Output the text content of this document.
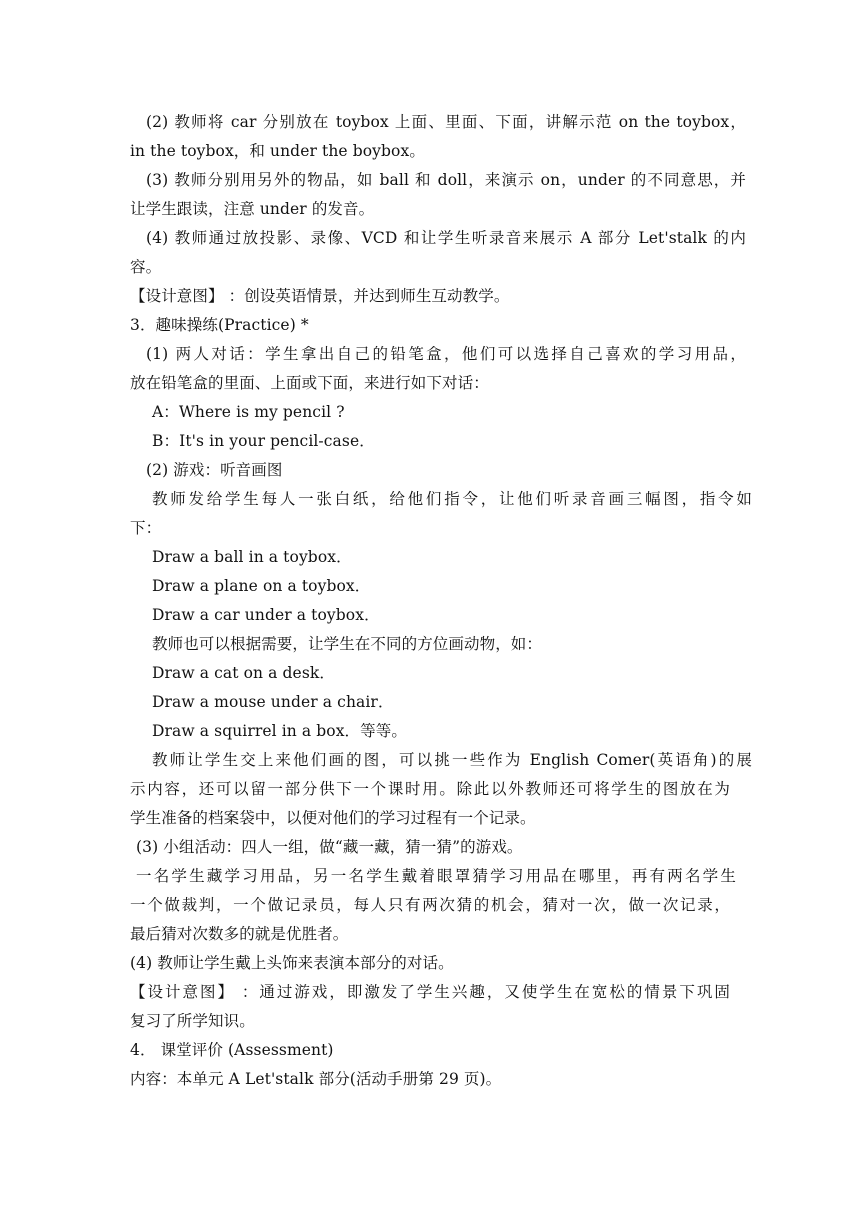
(2) 教师将 car 分别放在 toybox 上面、里面、下面，讲解示范 on the toybox，
in the toybox，和 under the boybox。
(3) 教师分别用另外的物品，如 ball 和 doll，来演示 on，under 的不同意思，并
让学生跟读，注意 under 的发音。
(4) 教师通过放投影、录像、VCD 和让学生听录音来展示 A 部分 Let'stalk 的内
容。
【设计意图】 ：创设英语情景，并达到师生互动教学。
3．趣味操练(Practice) *
(1) 两人对话：学生拿出自己的铅笔盒，他们可以选择自己喜欢的学习用品，
放在铅笔盒的里面、上面或下面，来进行如下对话：
A：Where is my pencil ?
B：It's in your pencil-case．
(2) 游戏：听音画图
教师发给学生每人一张白纸，给他们指令，让他们听录音画三幅图，指令如
下：
Draw a ball in a toybox．
Draw a plane on a toybox．
Draw a car under a toybox．
教师也可以根据需要，让学生在不同的方位画动物，如：
Draw a cat on a desk．
Draw a mouse under a chair．
Draw a squirrel in a box．等等。
教师让学生交上来他们画的图，可以挑一些作为 English Comer(英语角)的展
示内容，还可以留一部分供下一个课时用。除此以外教师还可将学生的图放在为
学生准备的档案袋中，以便对他们的学习过程有一个记录。
(3) 小组活动：四人一组，做“藏一藏，猜一猜”的游戏。
一名学生藏学习用品，另一名学生戴着眼罩猜学习用品在哪里，再有两名学生
一个做裁判，一个做记录员，每人只有两次猜的机会，猜对一次，做一次记录，
最后猜对次数多的就是优胜者。
(4) 教师让学生戴上头饰来表演本部分的对话。
【设计意图】 ：通过游戏，即激发了学生兴趣，又使学生在宽松的情景下巩固
复习了所学知识。
4． 课堂评价 (Assessment)
内容：本单元 A Let'stalk 部分(活动手册第 29 页)。
